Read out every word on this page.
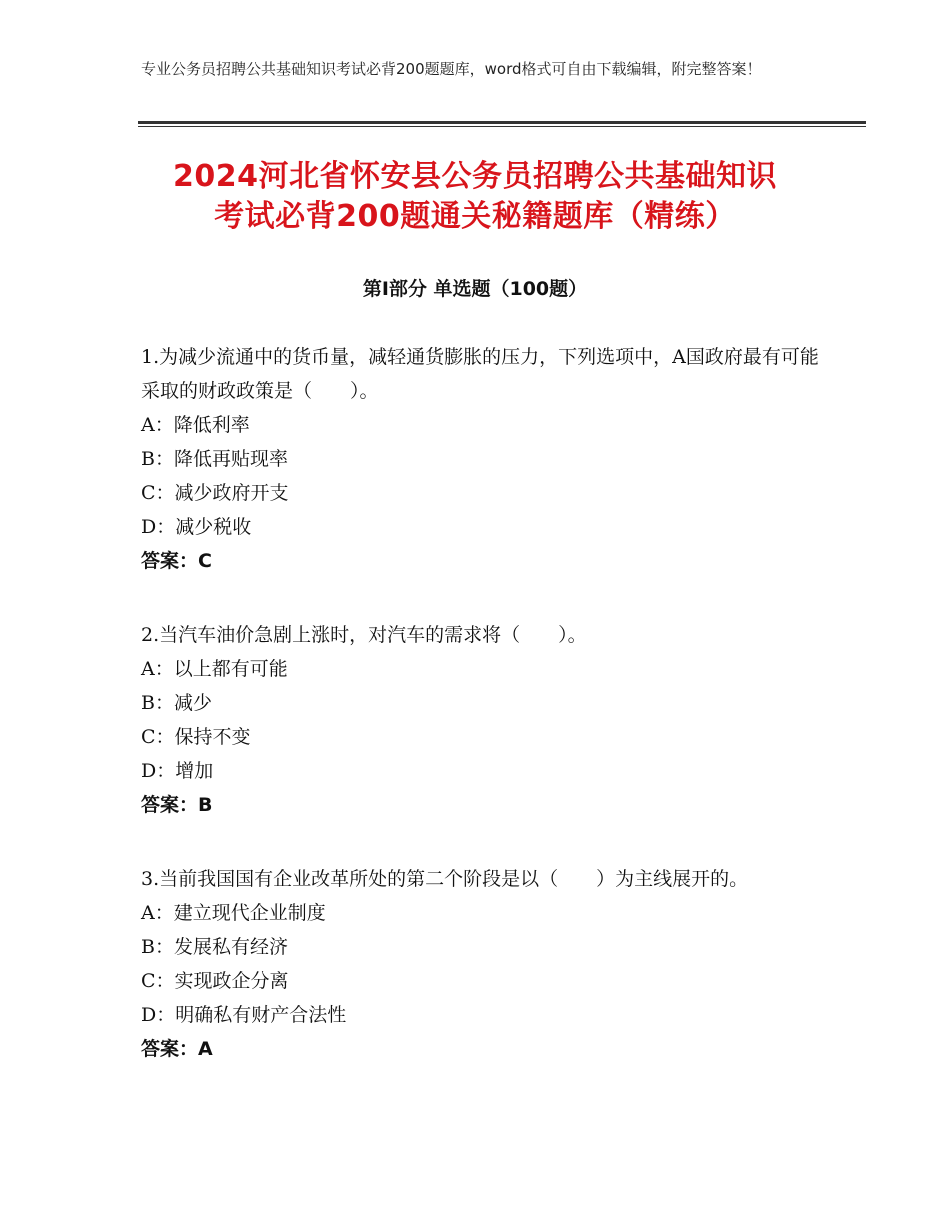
专业公务员招聘公共基础知识考试必背200题题库，word格式可自由下载编辑，附完整答案！
2024河北省怀安县公务员招聘公共基础知识
考试必背200题通关秘籍题库（精练）
第Ⅰ部分 单选题（100题）
1.为减少流通中的货币量，减轻通货膨胀的压力，下列选项中，A国政府最有可能采取的财政政策是（　　）。
A：降低利率
B：降低再贴现率
C：减少政府开支
D：减少税收
答案：C
2.当汽车油价急剧上涨时，对汽车的需求将（　　）。
A：以上都有可能
B：减少
C：保持不变
D：增加
答案：B
3.当前我国国有企业改革所处的第二个阶段是以（　　）为主线展开的。
A：建立现代企业制度
B：发展私有经济
C：实现政企分离
D：明确私有财产合法性
答案：A
